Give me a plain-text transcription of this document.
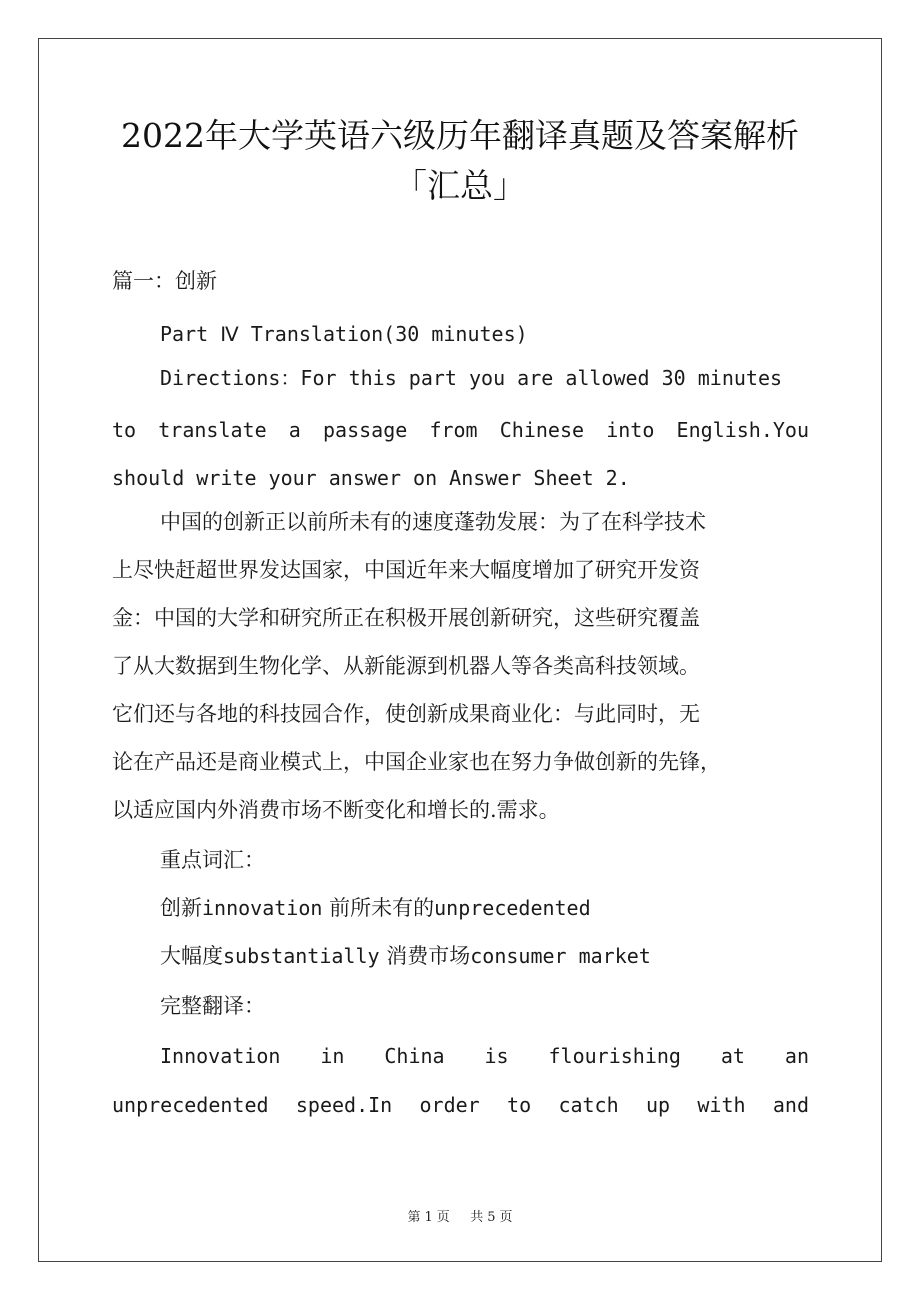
2022年大学英语六级历年翻译真题及答案解析
「汇总」
篇一：创新
Part Ⅳ Translation(30 minutes)
Directions：For this part you are allowed 30 minutes
to translate a passage from Chinese into English.You
should write your answer on Answer Sheet 2.
中国的创新正以前所未有的速度蓬勃发展：为了在科学技术
上尽快赶超世界发达国家，中国近年来大幅度增加了研究开发资
金：中国的大学和研究所正在积极开展创新研究，这些研究覆盖
了从大数据到生物化学、从新能源到机器人等各类高科技领域。
它们还与各地的科技园合作，使创新成果商业化：与此同时，无
论在产品还是商业模式上，中国企业家也在努力争做创新的先锋，
以适应国内外消费市场不断变化和增长的.需求。
重点词汇：
创新innovation 前所未有的unprecedented
大幅度substantially 消费市场consumer market
完整翻译：
Innovation in China is flourishing at an
unprecedented speed.In order to catch up with and
第 1 页 共 5 页
